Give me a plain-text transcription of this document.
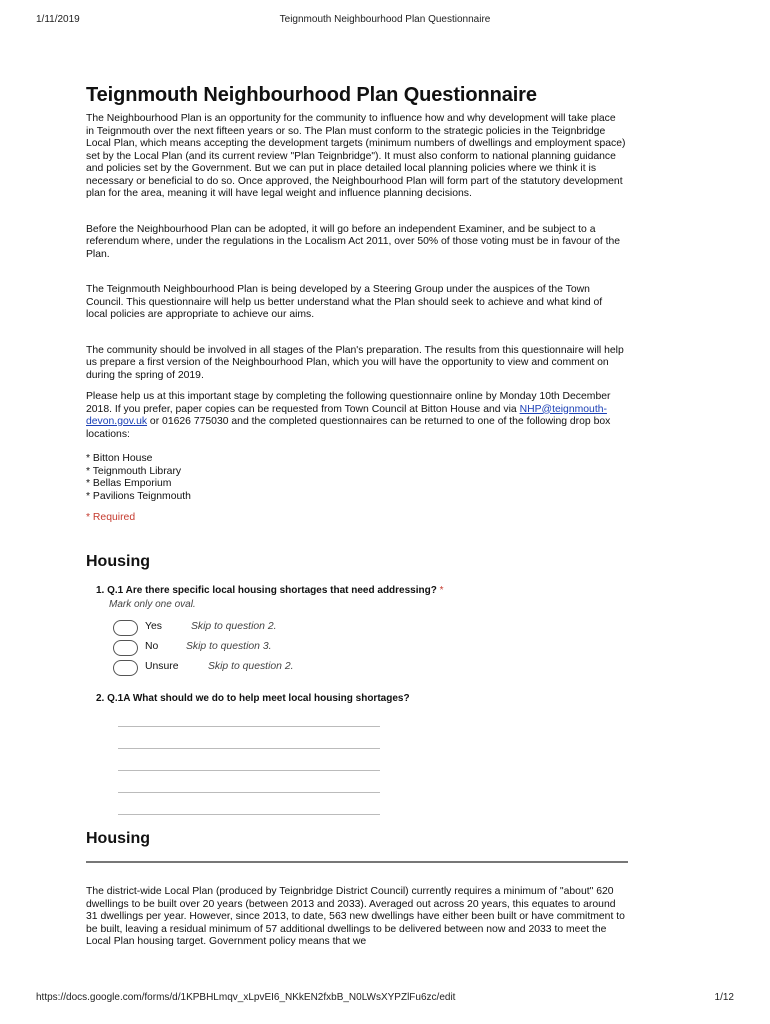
1/11/2019	Teignmouth Neighbourhood Plan Questionnaire
Teignmouth Neighbourhood Plan Questionnaire

The Neighbourhood Plan is an opportunity for the community to influence how and why development will take place in Teignmouth over the next fifteen years or so. The Plan must conform to the strategic policies in the Teignbridge Local Plan, which means accepting the development targets (minimum numbers of dwellings and employment space) set by the Local Plan (and its current review "Plan Teignbridge"). It must also conform to national planning guidance and policies set by the Government. But we can put in place detailed local planning policies where we think it is necessary or beneficial to do so. Once approved, the Neighbourhood Plan will form part of the statutory development plan for the area, meaning it will have legal weight and influence planning decisions.

Before the Neighbourhood Plan can be adopted, it will go before an independent Examiner, and be subject to a referendum where, under the regulations in the Localism Act 2011, over 50% of those voting must be in favour of the Plan.

The Teignmouth Neighbourhood Plan is being developed by a Steering Group under the auspices of the Town Council. This questionnaire will help us better understand what the Plan should seek to achieve and what kind of local policies are appropriate to achieve our aims.

The community should be involved in all stages of the Plan's preparation. The results from this questionnaire will help us prepare a first version of the Neighbourhood Plan, which you will have the opportunity to view and comment on during the spring of 2019.

Please help us at this important stage by completing the following questionnaire online by Monday 10th December 2018. If you prefer, paper copies can be requested from Town Council at Bitton House and via NHP@teignmouth-devon.gov.uk or 01626 775030 and the completed questionnaires can be returned to one of the following drop box locations:

* Bitton House
* Teignmouth Library
* Bellas Emporium
* Pavilions Teignmouth
* Required
Housing
1. Q.1 Are there specific local housing shortages that need addressing? *
Mark only one oval.
Yes	Skip to question 2.
No	Skip to question 3.
Unsure	Skip to question 2.
2. Q.1A What should we do to help meet local housing shortages?
Housing

The district-wide Local Plan (produced by Teignbridge District Council) currently requires a minimum of "about" 620 dwellings to be built over 20 years (between 2013 and 2033). Averaged out across 20 years, this equates to around 31 dwellings per year. However, since 2013, to date, 563 new dwellings have either been built or have commitment to be built, leaving a residual minimum of 57 additional dwellings to be delivered between now and 2033 to meet the Local Plan housing target. Government policy means that we

https://docs.google.com/forms/d/1KPBHLmqv_xLpvEI6_NKkEN2fxbB_N0LWsXYPZlFu6zc/edit	1/12
